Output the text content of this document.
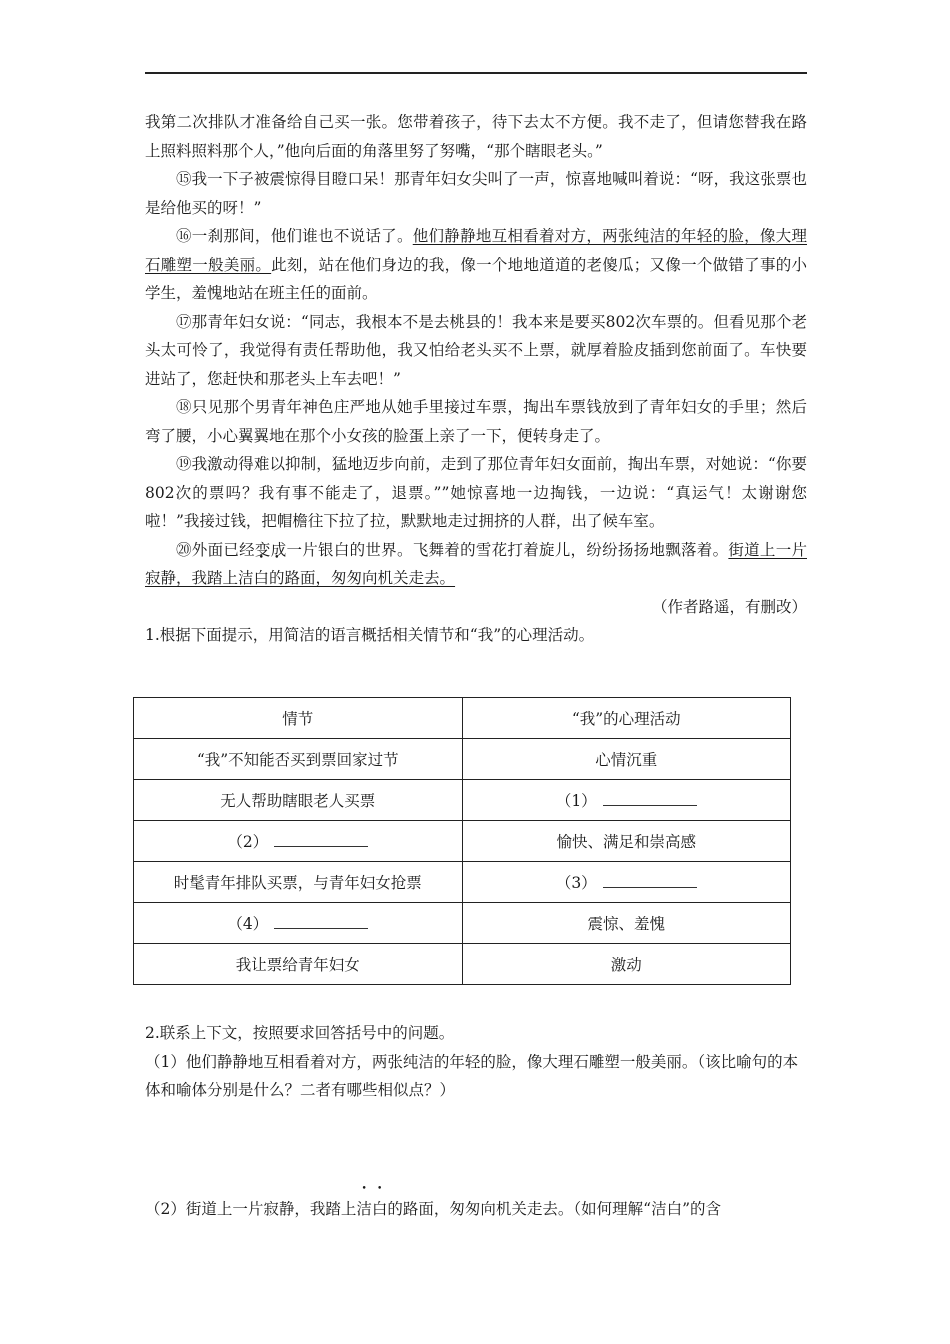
我第二次排队才准备给自己买一张。您带着孩子，待下去太不方便。我不走了，但请您替我在路上照料照料那个人，”他向后面的角落里努了努嘴，“那个瞎眼老头。”

⑮我一下子被震惊得目瞪口呆！那青年妇女尖叫了一声，惊喜地喊叫着说：“呀，我这张票也是给他买的呀！”

⑯一刹那间，他们谁也不说话了。他们静静地互相看着对方，两张纯洁的年轻的脸，像大理石雕塑一般美丽。此刻，站在他们身边的我，像一个地地道道的老傻瓜；又像一个做错了事的小学生，羞愧地站在班主任的面前。

⑰那青年妇女说：“同志，我根本不是去桃县的！我本来是要买802次车票的。但看见那个老头太可怜了，我觉得有责任帮助他，我又怕给老头买不上票，就厚着脸皮插到您前面了。车快要进站了，您赶快和那老头上车去吧！”

⑱只见那个男青年神色庄严地从她手里接过车票，掏出车票钱放到了青年妇女的手里；然后弯了腰，小心翼翼地在那个小女孩的脸蛋上亲了一下，便转身走了。

⑲我激动得难以抑制，猛地迈步向前，走到了那位青年妇女面前，掏出车票，对她说：“你要802次的票吗？我有事不能走了，退票。””她惊喜地一边掏钱，一边说：“真运气！太谢谢您啦！”我接过钱，把帽檐往下拉了拉，默默地走过拥挤的人群，出了候车室。

⑳外面已经变成一片银白的世界。飞舞着的雪花打着旋儿，纷纷扬扬地飘落着。街道上一片寂静，我踏上洁白的路面，匆匆向机关走去。

（作者路遥，有删改）

1.根据下面提示，用简洁的语言概括相关情节和“我”的心理活动。

情节	“我”的心理活动
“我”不知能否买到票回家过节	心情沉重
无人帮助瞎眼老人买票	（1）
（2）	愉快、满足和崇高感
时髦青年排队买票，与青年妇女抢票	（3）
（4）	震惊、羞愧
我让票给青年妇女	激动

2.联系上下文，按照要求回答括号中的问题。

（1）他们静静地互相看着对方，两张纯洁的年轻的脸，像大理石雕塑一般美丽。（该比喻句的本体和喻体分别是什么？二者有哪些相似点？）

（2）街道上一片寂静，我踏上洁白的路面，匆匆向机关走去。（如何理解“洁白”的含
